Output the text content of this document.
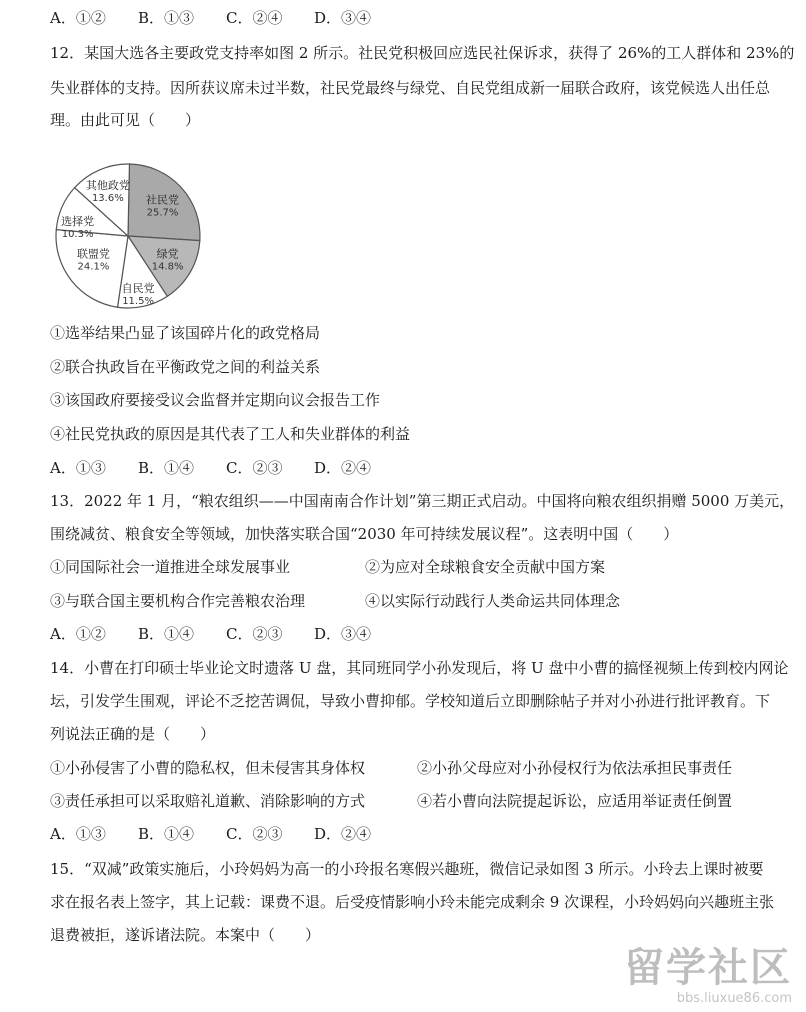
A．①② B．①③ C．②④ D．③④
12．某国大选各主要政党支持率如图 2 所示。社民党积极回应选民社保诉求，获得了 26%的工人群体和 23%的
失业群体的支持。因所获议席未过半数，社民党最终与绿党、自民党组成新一届联合政府，该党候选人出任总
理。由此可见（　　）
社民党
25.7%
绿党
14.8%
自民党
11.5%
联盟党
24.1%
选择党
10.3%
其他政党
13.6%
①选举结果凸显了该国碎片化的政党格局
②联合执政旨在平衡政党之间的利益关系
③该国政府要接受议会监督并定期向议会报告工作
④社民党执政的原因是其代表了工人和失业群体的利益
A．①③ B．①④ C．②③ D．②④
13．2022 年 1 月，“粮农组织——中国南南合作计划”第三期正式启动。中国将向粮农组织捐赠 5000 万美元，
围绕减贫、粮食安全等领域，加快落实联合国“2030 年可持续发展议程”。这表明中国（　　）
①同国际社会一道推进全球发展事业	②为应对全球粮食安全贡献中国方案
③与联合国主要机构合作完善粮农治理	④以实际行动践行人类命运共同体理念
A．①② B．①④ C．②③ D．③④
14．小曹在打印硕士毕业论文时遗落 U 盘，其同班同学小孙发现后，将 U 盘中小曹的搞怪视频上传到校内网论
坛，引发学生围观，评论不乏挖苦调侃，导致小曹抑郁。学校知道后立即删除帖子并对小孙进行批评教育。下
列说法正确的是（　　）
①小孙侵害了小曹的隐私权，但未侵害其身体权	②小孙父母应对小孙侵权行为依法承担民事责任
③责任承担可以采取赔礼道歉、消除影响的方式	④若小曹向法院提起诉讼，应适用举证责任倒置
A．①③ B．①④ C．②③ D．②④
15．“双减”政策实施后，小玲妈妈为高一的小玲报名寒假兴趣班，微信记录如图 3 所示。小玲去上课时被要
求在报名表上签字，其上记载：课费不退。后受疫情影响小玲未能完成剩余 9 次课程，小玲妈妈向兴趣班主张
退费被拒，遂诉诸法院。本案中（　　）
留学社区
bbs.liuxue86.com
